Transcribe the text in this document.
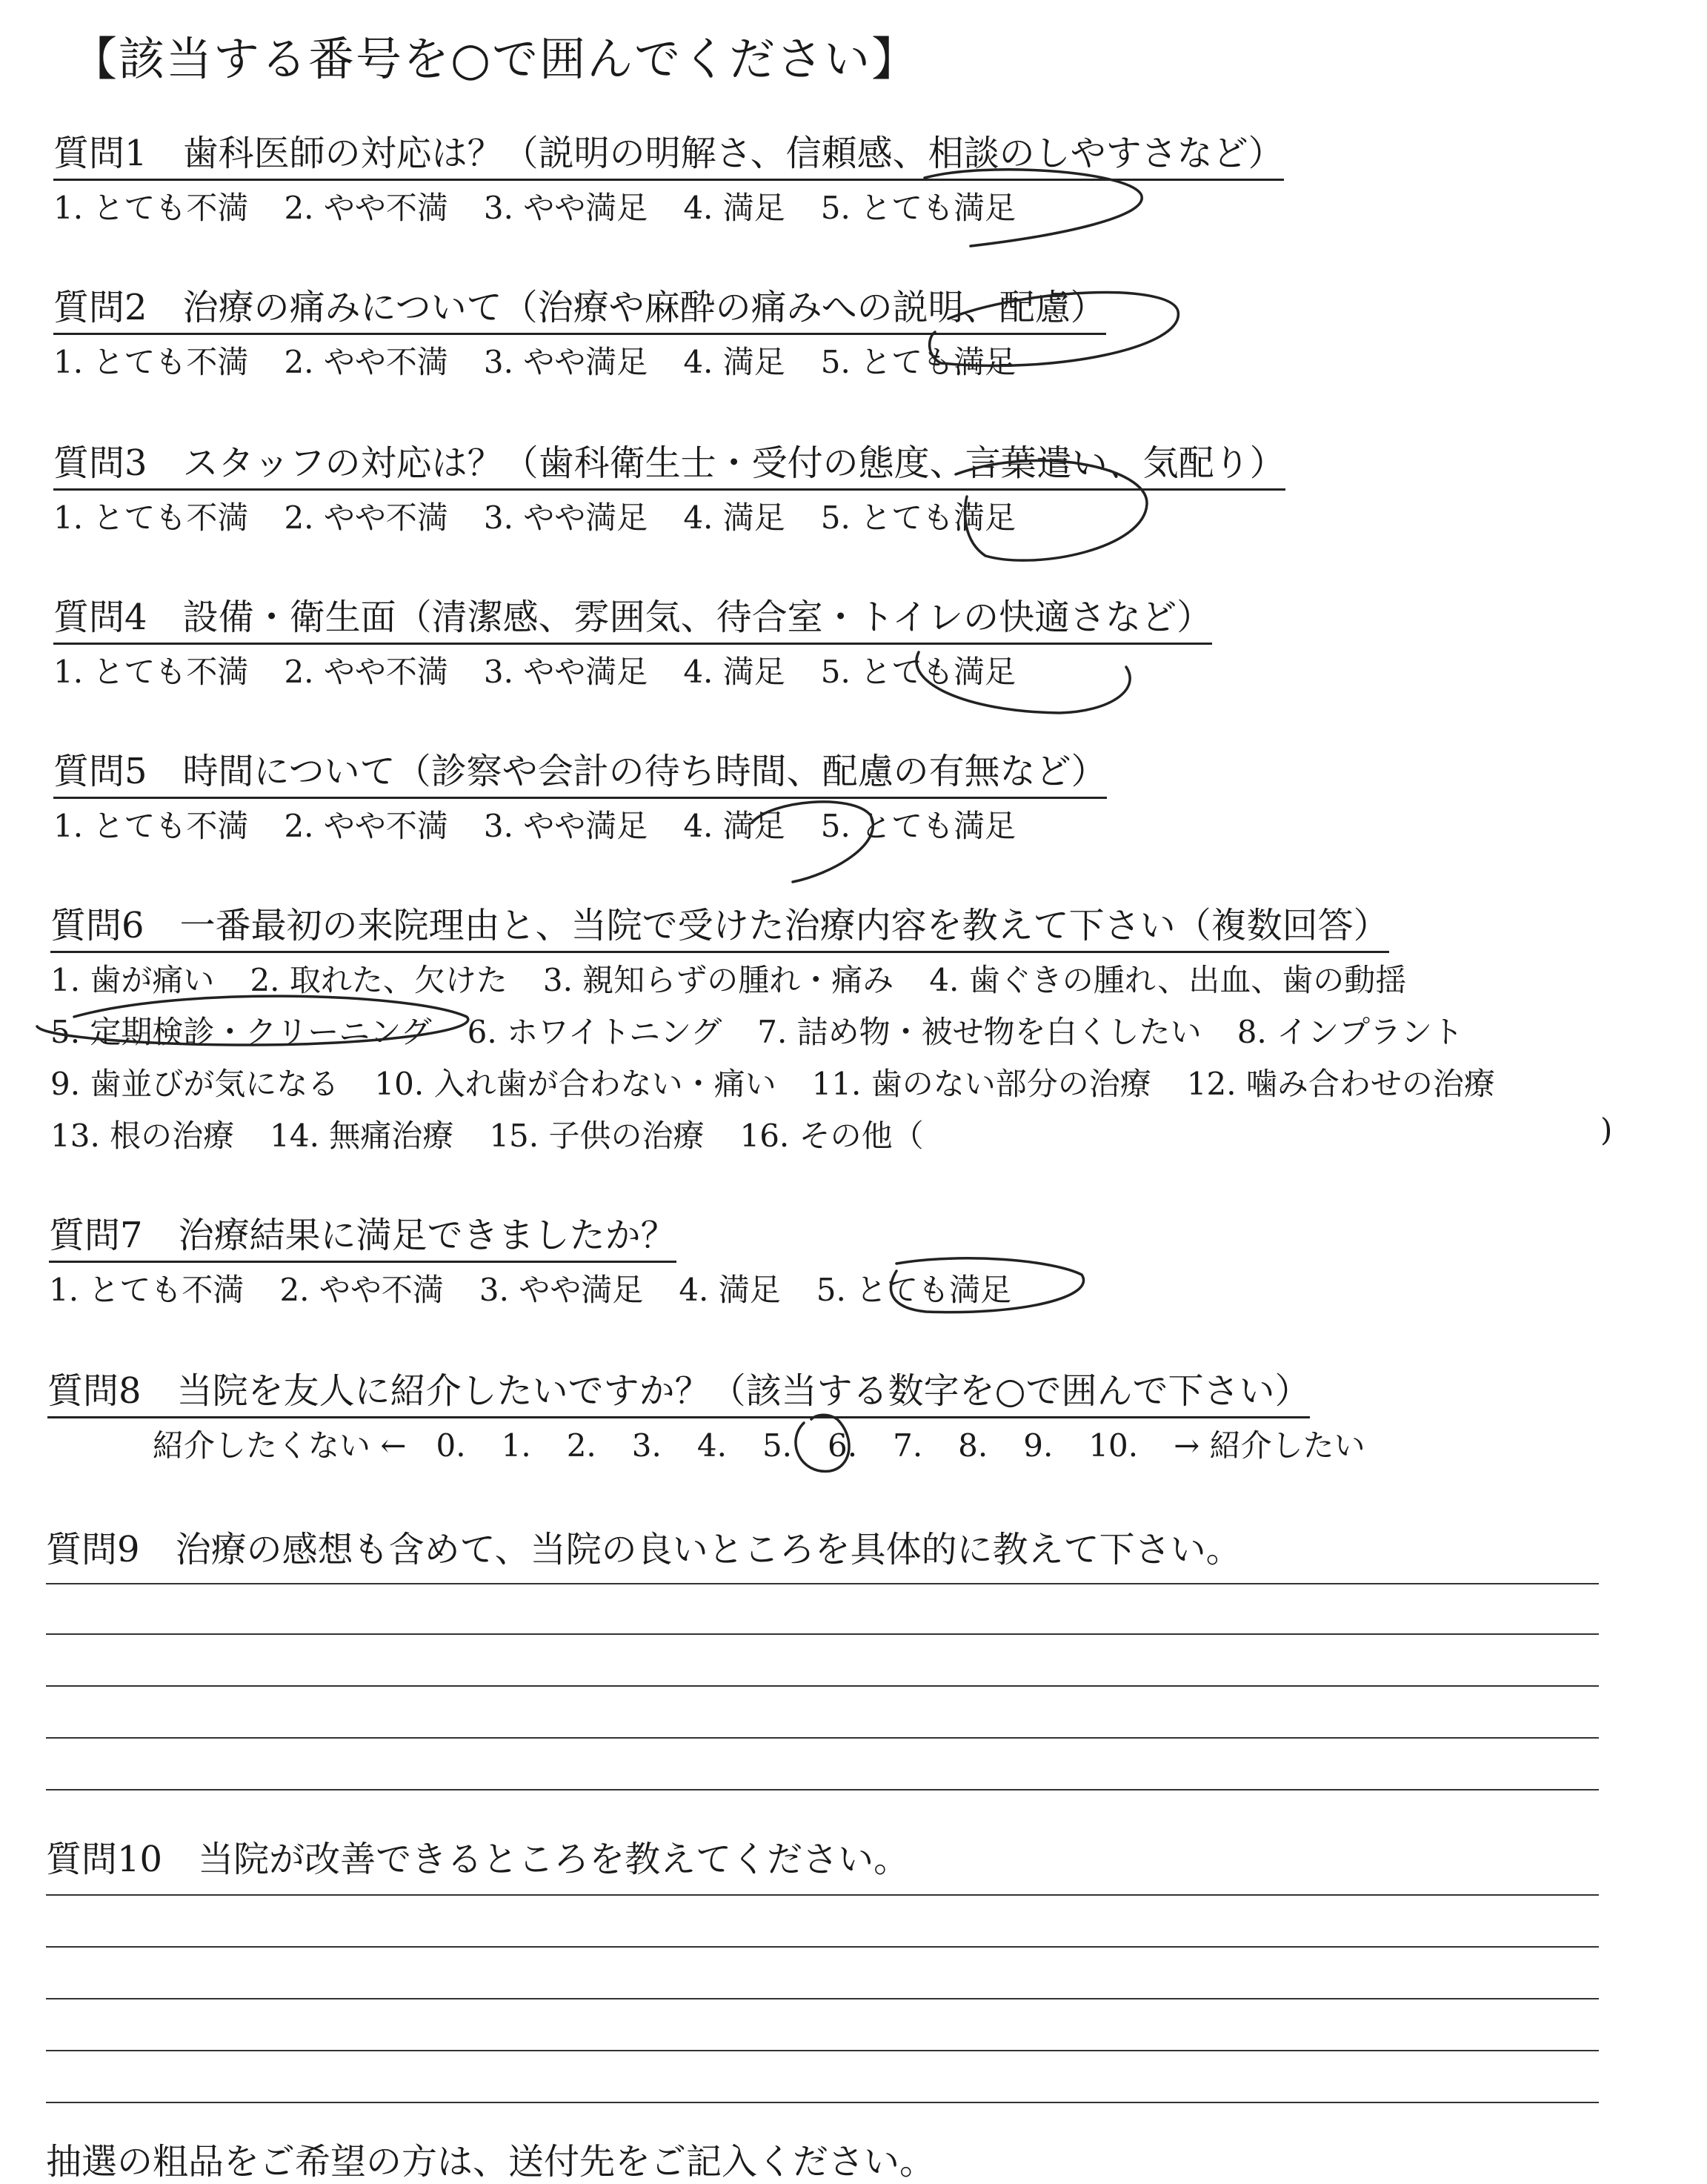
【該当する番号を○で囲んでください】
質問1　 歯科医師の対応は？（説明の明解さ、信頼感、相談のしやすさなど）
1. とても不満 2. やや不満 3. やや満足 4. 満足 5. とても満足
質問2　 治療の痛みについて（治療や麻酔の痛みへの説明、配慮）
1. とても不満 2. やや不満 3. やや満足 4. 満足 5. とても満足
質問3　 スタッフの対応は？（歯科衛生士・受付の態度、言葉遣い、気配り）
1. とても不満 2. やや不満 3. やや満足 4. 満足 5. とても満足
質問4　 設備・衛生面（清潔感、雰囲気、待合室・トイレの快適さなど）
1. とても不満 2. やや不満 3. やや満足 4. 満足 5. とても満足
質問5　 時間について（診察や会計の待ち時間、配慮の有無など）
1. とても不満 2. やや不満 3. やや満足 4. 満足 5. とても満足
質問6　 一番最初の来院理由と、当院で受けた治療内容を教えて下さい（複数回答）
1. 歯が痛い 2. 取れた、欠けた 3. 親知らずの腫れ・痛み 4. 歯ぐきの腫れ、出血、歯の動揺
5. 定期検診・クリーニング 6. ホワイトニング 7. 詰め物・被せ物を白くしたい 8. インプラント
9. 歯並びが気になる 10. 入れ歯が合わない・痛い 11. 歯のない部分の治療 12. 噛み合わせの治療
13. 根の治療 14. 無痛治療 15. 子供の治療 16. その他（	)
質問7　 治療結果に満足できましたか？
1. とても不満 2. やや不満 3. やや満足 4. 満足 5. とても満足
質問8　 当院を友人に紹介したいですか？（該当する数字を○で囲んで下さい）
紹介したくない ← 0. 1. 2. 3. 4. 5. 6. 7. 8. 9. 10. → 紹介したい
質問9　 治療の感想も含めて、当院の良いところを具体的に教えて下さい。
質問10　 当院が改善できるところを教えてください。
抽選の粗品をご希望の方は、送付先をご記入ください。
